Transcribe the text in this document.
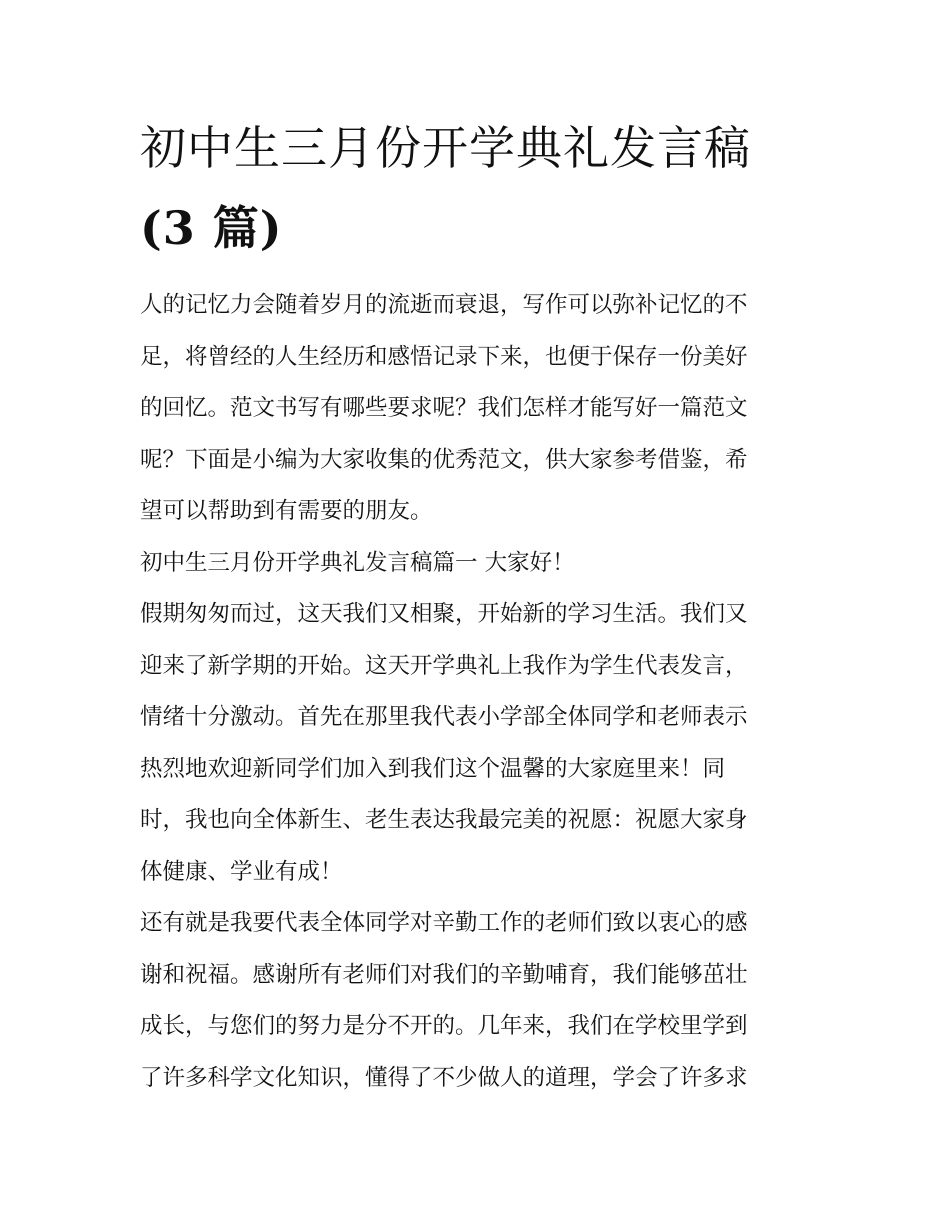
初中生三月份开学典礼发言稿
(3 篇)

人的记忆力会随着岁月的流逝而衰退，写作可以弥补记忆的不
足，将曾经的人生经历和感悟记录下来，也便于保存一份美好
的回忆。范文书写有哪些要求呢？我们怎样才能写好一篇范文
呢？下面是小编为大家收集的优秀范文，供大家参考借鉴，希
望可以帮助到有需要的朋友。

初中生三月份开学典礼发言稿篇一 大家好！

假期匆匆而过，这天我们又相聚，开始新的学习生活。我们又
迎来了新学期的开始。这天开学典礼上我作为学生代表发言，
情绪十分激动。首先在那里我代表小学部全体同学和老师表示
热烈地欢迎新同学们加入到我们这个温馨的大家庭里来！同
时，我也向全体新生、老生表达我最完美的祝愿：祝愿大家身
体健康、学业有成！

还有就是我要代表全体同学对辛勤工作的老师们致以衷心的感
谢和祝福。感谢所有老师们对我们的辛勤哺育，我们能够茁壮
成长，与您们的努力是分不开的。几年来，我们在学校里学到
了许多科学文化知识，懂得了不少做人的道理，学会了许多求
